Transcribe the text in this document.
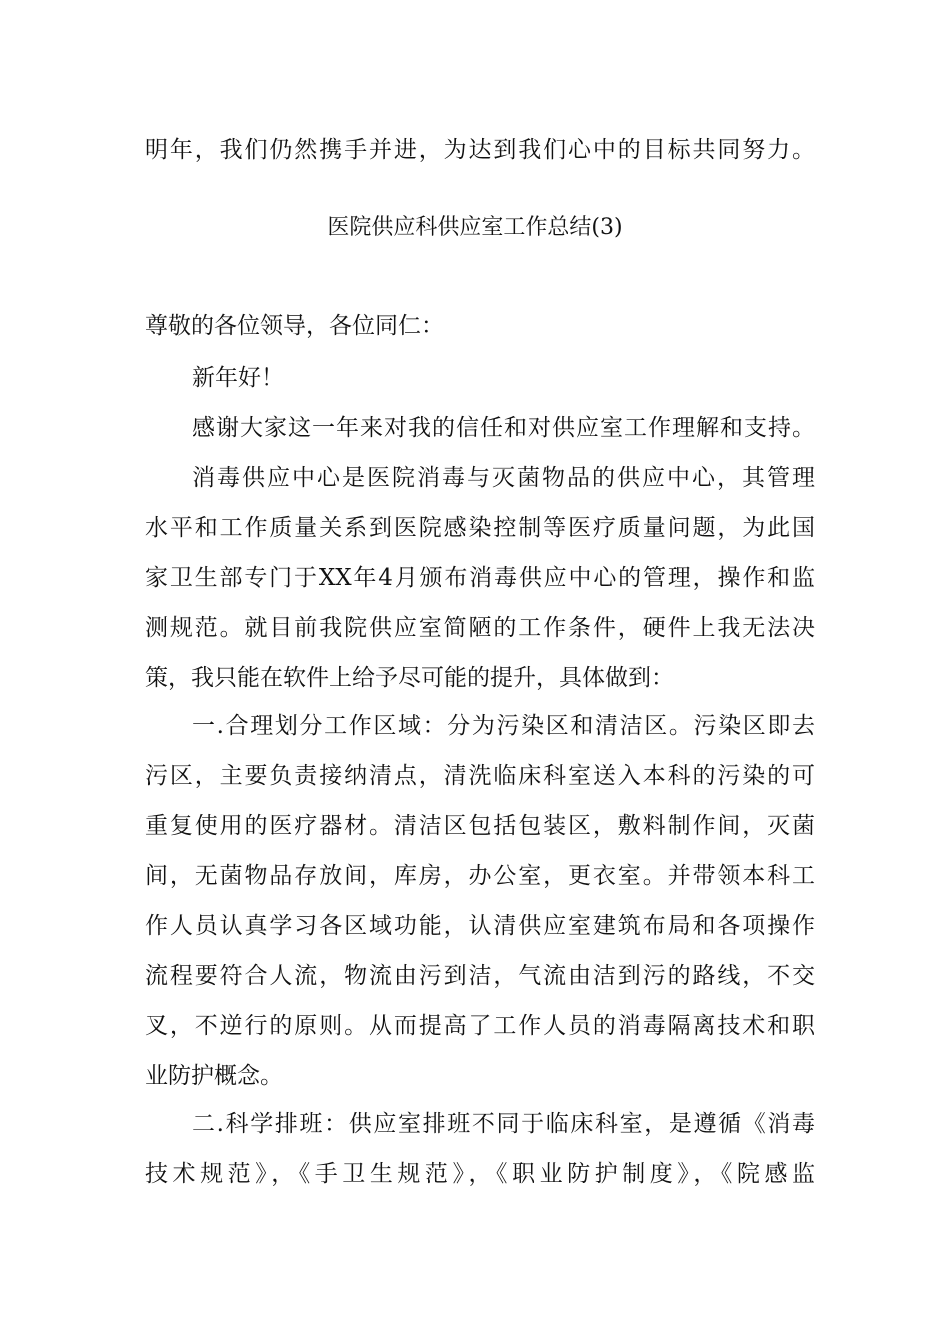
明年，我们仍然携手并进，为达到我们心中的目标共同努力。
医院供应科供应室工作总结(3)
尊敬的各位领导，各位同仁：
新年好！
感谢大家这一年来对我的信任和对供应室工作理解和支持。
消毒供应中心是医院消毒与灭菌物品的供应中心，其管理
水平和工作质量关系到医院感染控制等医疗质量问题，为此国
家卫生部专门于XX年4月颁布消毒供应中心的管理，操作和监
测规范。就目前我院供应室简陋的工作条件，硬件上我无法决
策，我只能在软件上给予尽可能的提升，具体做到：
一.合理划分工作区域：分为污染区和清洁区。污染区即去
污区，主要负责接纳清点，清洗临床科室送入本科的污染的可
重复使用的医疗器材。清洁区包括包装区，敷料制作间，灭菌
间，无菌物品存放间，库房，办公室，更衣室。并带领本科工
作人员认真学习各区域功能，认清供应室建筑布局和各项操作
流程要符合人流，物流由污到洁，气流由洁到污的路线，不交
叉，不逆行的原则。从而提高了工作人员的消毒隔离技术和职
业防护概念。
二.科学排班：供应室排班不同于临床科室，是遵循《消毒
技术规范》，《手卫生规范》，《职业防护制度》，《院感监
